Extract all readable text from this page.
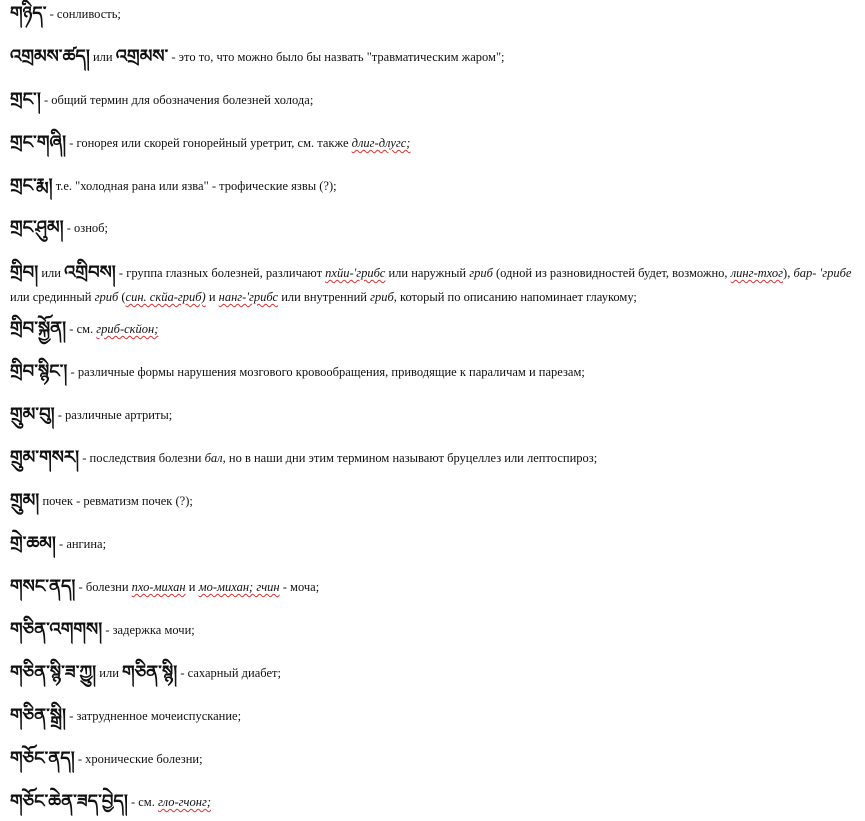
གཉིད་ - сонливость;
འགྲམས་ཚད། или འགྲམས་ - это то, что можно было бы назвать "травматическим жаром";
གྲང་། - общий термин для обозначения болезней холода;
གྲང་གཞི། - гонорея или скорей гонорейный уретрит, см. также длиг-длугс;
གྲང་རྨ། т.е. "холодная рана или язва" - трофические язвы (?);
གྲང་ཤུམ། - озноб;
གྲིབ། или འགྲིབས། - группа глазных болезней, различают пхйи-'грибс или наружный гриб (одной из разновидностей будет, возможно, линг-тхог), бар- 'грибе или срединный гриб (син. скйа-гриб) и нанг-'грибс или внутренний гриб, который по описанию напоминает глаукому;
གྲིབ་སྐྱོན། - см. гриб-скйон;
གྲིབ་སྙིང་། - различные формы нарушения мозгового кровообращения, приводящие к параличам и парезам;
གྲུམ་བུ། - различные артриты;
གྲུམ་གསར། - последствия болезни бал, но в наши дни этим термином называют бруцеллез или лептоспироз;
གྲུམ། почек - ревматизм почек (?);
གྲེ་ཆམ། - ангина;
གསང་ནད། - болезни пхо-михан и мо-михан; гчин - моча;
གཅིན་འགགས། - задержка мочи;
གཅིན་སྙི་ཟ་ཀྱུ། или གཅིན་སྙི། - сахарный диабет;
གཅིན་སྒྲི། - затрудненное мочеиспускание;
གཅོང་ནད། - хронические болезни;
གཅོང་ཆེན་ཟད་བྱེད། - см. гло-гчонг;
